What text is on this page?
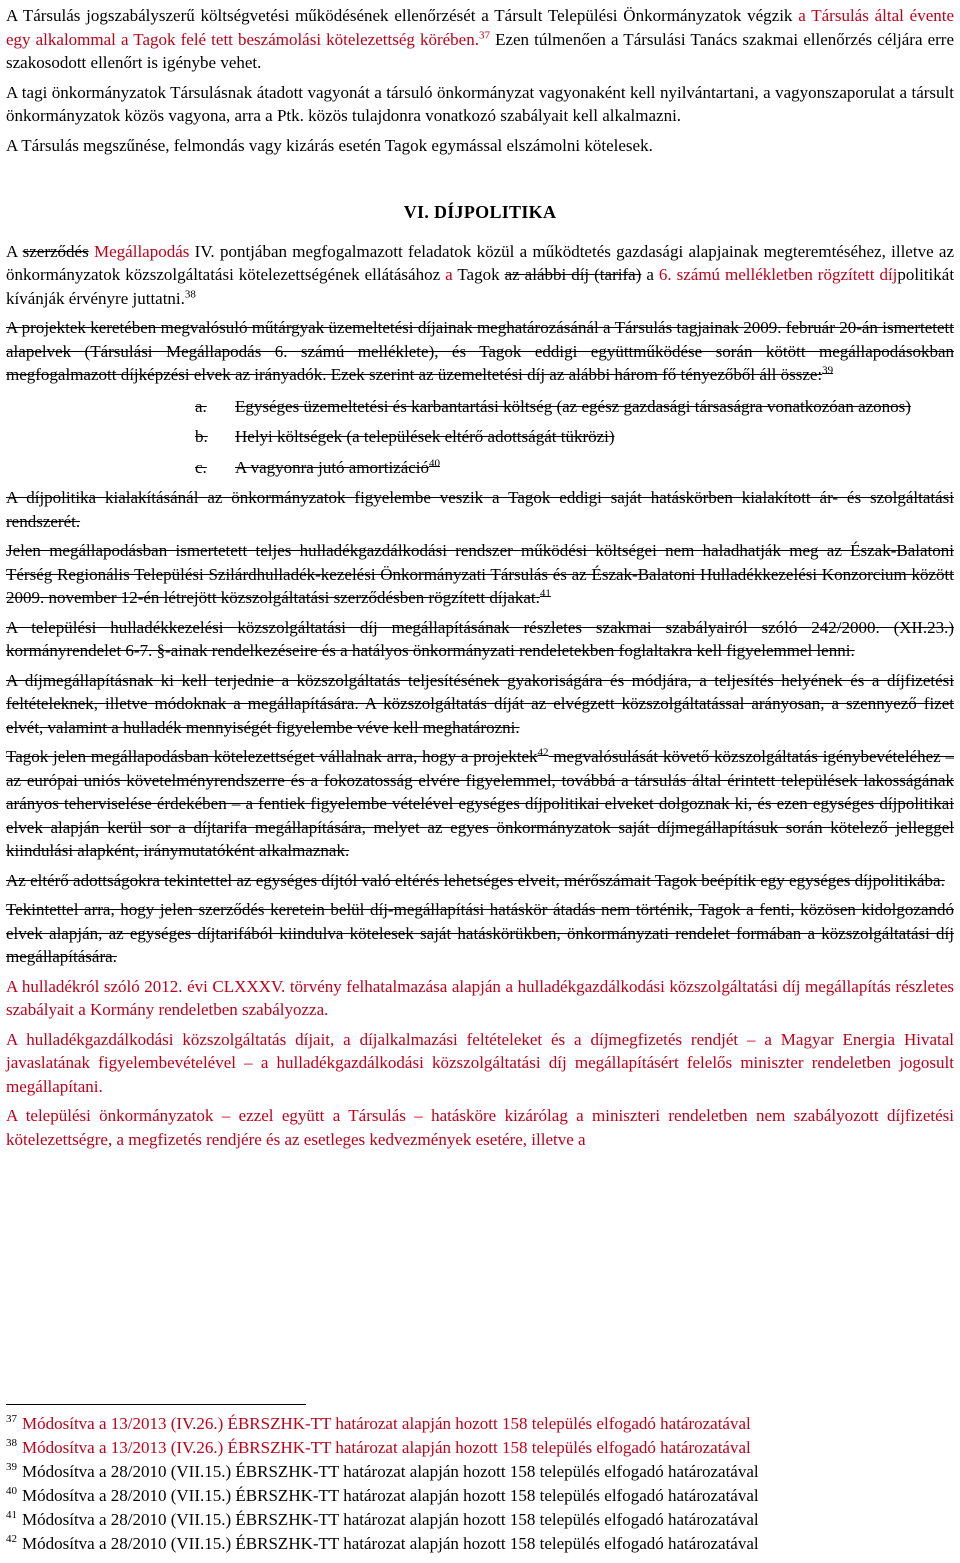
A Társulás jogszabályszerű költségvetési működésének ellenőrzését a Társult Települési Önkormányzatok végzik a Társulás által évente egy alkalommal a Tagok felé tett beszámolási kötelezettség körében.$^{37}$ Ezen túlmenően a Társulási Tanács szakmai ellenőrzés céljára erre szakosodott ellenőrt is igénybe vehet.

A tagi önkormányzatok Társulásnak átadott vagyonát a társuló önkormányzat vagyonaként kell nyilvántartani, a vagyonszaporulat a társult önkormányzatok közös vagyona, arra a Ptk. közös tulajdonra vonatkozó szabályait kell alkalmazni.

A Társulás megszűnése, felmondás vagy kizárás esetén Tagok egymással elszámolni kötelesek.

VI. DÍJPOLITIKA

A szerződés Megállapodás IV. pontjában megfogalmazott feladatok közül a működtetés gazdasági alapjainak megteremtéséhez, illetve az önkormányzatok közszolgáltatási kötelezettségének ellátásához a Tagok az alábbi díj (tarifa) a 6. számú mellékletben rögzített díjpolitikát kívánják érvényre juttatni.$^{38}$

A projektek keretében megvalósuló műtárgyak üzemeltetési díjainak meghatározásánál a Társulás tagjainak 2009. február 20-án ismertetett alapelvek (Társulási Megállapodás 6. számú melléklete), és Tagok eddigi együttműködése során kötött megállapodásokban megfogalmazott díjképzési elvek az irányadók. Ezek szerint az üzemeltetési díj az alábbi három fő tényezőből áll össze:$^{39}$

a.	Egységes üzemeltetési és karbantartási költség (az egész gazdasági társaságra vonatkozóan azonos)
b.	Helyi költségek (a települések eltérő adottságát tükrözi)
c.	A vagyonra jutó amortizáció$^{40}$

A díjpolitika kialakításánál az önkormányzatok figyelembe veszik a Tagok eddigi saját hatáskörben kialakított ár- és szolgáltatási rendszerét.

Jelen megállapodásban ismertetett teljes hulladékgazdálkodási rendszer működési költségei nem haladhatják meg az Észak-Balatoni Térség Regionális Települési Szilárdhulladék-kezelési Önkormányzati Társulás és az Észak-Balatoni Hulladékkezelési Konzorcium között 2009. november 12-én létrejött közszolgáltatási szerződésben rögzített díjakat.$^{41}$

A települési hulladékkezelési közszolgáltatási díj megállapításának részletes szakmai szabályairól szóló 242/2000. (XII.23.) kormányrendelet 6-7. §-ainak rendelkezéseire és a hatályos önkormányzati rendeletekben foglaltakra kell figyelemmel lenni.

A díjmegállapításnak ki kell terjednie a közszolgáltatás teljesítésének gyakoriságára és módjára, a teljesítés helyének és a díjfizetési feltételeknek, illetve módoknak a megállapítására. A közszolgáltatás díját az elvégzett közszolgáltatással arányosan, a szennyező fizet elvét, valamint a hulladék mennyiségét figyelembe véve kell meghatározni.

Tagok jelen megállapodásban kötelezettséget vállalnak arra, hogy a projektek$^{42}$ megvalósulását követő közszolgáltatás igénybevételéhez – az európai uniós követelményrendszerre és a fokozatosság elvére figyelemmel, továbbá a társulás által érintett települések lakosságának arányos teherviselése érdekében – a fentiek figyelembe vételével egységes díjpolitikai elveket dolgoznak ki, és ezen egységes díjpolitikai elvek alapján kerül sor a díjtarifa megállapítására, melyet az egyes önkormányzatok saját díjmegállapításuk során kötelező jelleggel kiindulási alapként, iránymutatóként alkalmaznak.

Az eltérő adottságokra tekintettel az egységes díjtól való eltérés lehetséges elveit, mérőszámait Tagok beépítik egy egységes díjpolitikába.

Tekintettel arra, hogy jelen szerződés keretein belül díj-megállapítási hatáskör átadás nem történik, Tagok a fenti, közösen kidolgozandó elvek alapján, az egységes díjtarifából kiindulva kötelesek saját hatáskörükben, önkormányzati rendelet formában a közszolgáltatási díj megállapítására.

A hulladékról szóló 2012. évi CLXXXV. törvény felhatalmazása alapján a hulladékgazdálkodási közszolgáltatási díj megállapítás részletes szabályait a Kormány rendeletben szabályozza.

A hulladékgazdálkodási közszolgáltatás díjait, a díjalkalmazási feltételeket és a díjmegfizetés rendjét – a Magyar Energia Hivatal javaslatának figyelembevételével – a hulladékgazdálkodási közszolgáltatási díj megállapításért felelős miniszter rendeletben jogosult megállapítani.

A települési önkormányzatok – ezzel együtt a Társulás – hatásköre kizárólag a miniszteri rendeletben nem szabályozott díjfizetési kötelezettségre, a megfizetés rendjére és az esetleges kedvezmények esetére, illetve a

$^{37}$ Módosítva a 13/2013 (IV.26.) ÉBRSZHK-TT határozat alapján hozott 158 település elfogadó határozatával

$^{38}$ Módosítva a 13/2013 (IV.26.) ÉBRSZHK-TT határozat alapján hozott 158 település elfogadó határozatával

$^{39}$ Módosítva a 28/2010 (VII.15.) ÉBRSZHK-TT határozat alapján hozott 158 település elfogadó határozatával

$^{40}$ Módosítva a 28/2010 (VII.15.) ÉBRSZHK-TT határozat alapján hozott 158 település elfogadó határozatával

$^{41}$ Módosítva a 28/2010 (VII.15.) ÉBRSZHK-TT határozat alapján hozott 158 település elfogadó határozatával

$^{42}$ Módosítva a 28/2010 (VII.15.) ÉBRSZHK-TT határozat alapján hozott 158 település elfogadó határozatával
